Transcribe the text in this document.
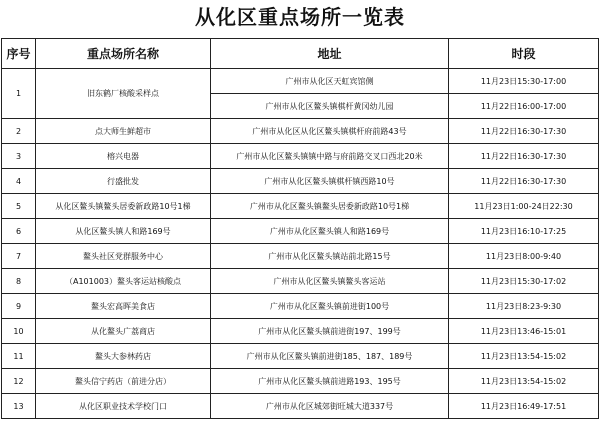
从化区重点场所一览表
序号	重点场所名称	地址	时段
1	旧东鹤厂核酸采样点	广州市从化区天虹宾馆侧	11月23日15:30-17:00
		广州市从化区鳌头镇棋杆黄冈幼儿园	11月22日16:00-17:00
2	点大师生鲜超市	广州市从化区从化区鳌头镇棋杆府前路43号	11月22日16:30-17:30
3	榕兴电器	广州市从化区鳌头镇镇中路与府前路交叉口西北20米	11月22日16:30-17:30
4	行盛批发	广州市从化区鳌头镇棋杆镇西路10号	11月22日16:30-17:30
5	从化区鳌头镇鳌头居委新政路10号1梯	广州市从化区鳌头镇鳌头居委新政路10号1梯	11月23日1:00-24日22:30
6	从化区鳌头镇人和路169号	广州市从化区鳌头镇人和路169号	11月23日16:10-17:25
7	鳌头社区党群服务中心	广州市从化区鳌头镇站前北路15号	11月23日8:00-9:40
8	（A101003）鳌头客运站核酸点	广州市从化区鳌头镇鳌头客运站	11月23日15:30-17:02
9	鳌头宏高晖美食店	广州市从化区鳌头镇前进街100号	11月23日8:23-9:30
10	从化鳌头广荔商店	广州市从化区鳌头镇前进街197、199号	11月23日13:46-15:01
11	鳌头大参林药店	广州市从化区鳌头镇前进街185、187、189号	11月23日13:54-15:02
12	鳌头信宁药店（前进分店）	广州市从化区鳌头镇前进路193、195号	11月23日13:54-15:02
13	从化区职业技术学校门口	广州市从化区城郊街旺城大道337号	11月23日16:49-17:51
